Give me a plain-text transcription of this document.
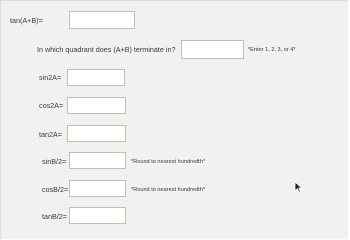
tan(A+B)=
In which quadrant does (A+B) terminate in?	*Enter 1, 2, 3, or 4*
sin2A=
cos2A=
tan2A=
sinB/2=	*Round to nearest hundredth*
cosB/2=	*Round to nearest hundredth*
tanB/2=
